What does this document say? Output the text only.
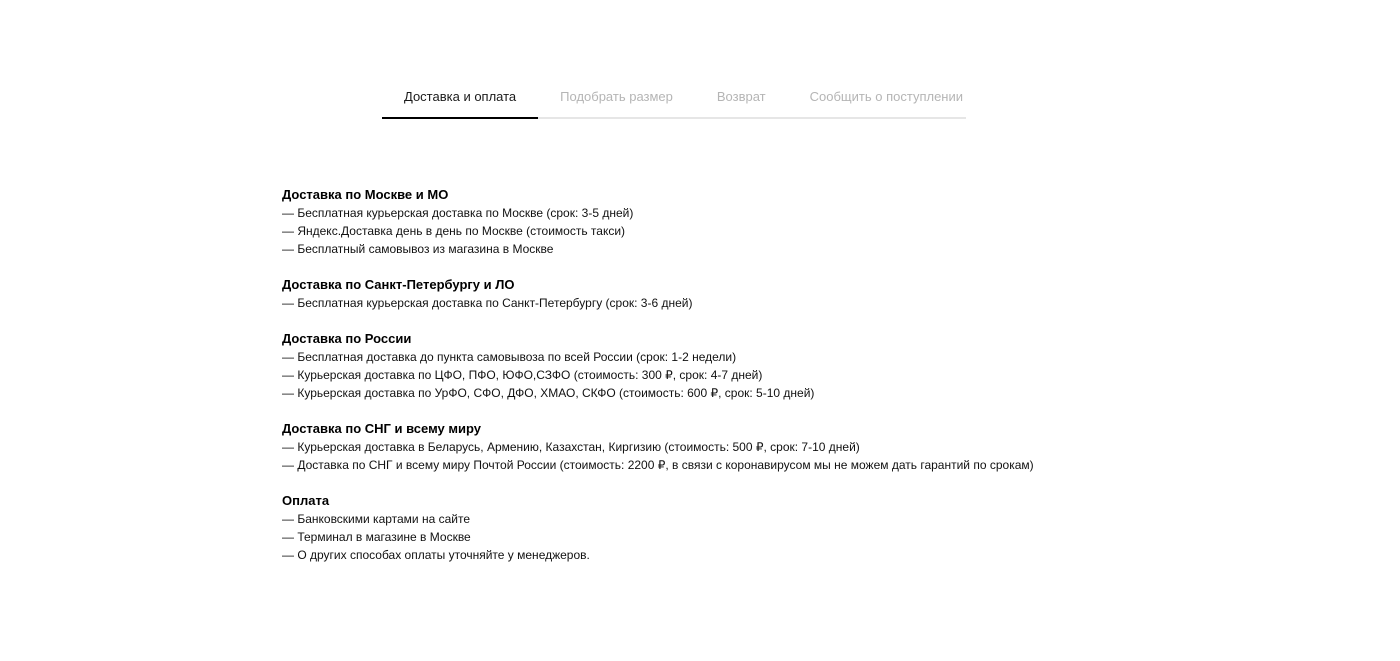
Доставка и оплата	Подобрать размер	Возврат	Сообщить о поступлении

Доставка по Москве и МО

— Бесплатная курьерская доставка по Москве (срок: 3-5 дней)

— Яндекс.Доставка день в день по Москве (стоимость такси)

— Бесплатный самовывоз из магазина в Москве

Доставка по Санкт-Петербургу и ЛО

— Бесплатная курьерская доставка по Санкт-Петербургу (срок: 3-6 дней)

Доставка по России

— Бесплатная доставка до пункта самовывоза по всей России (срок: 1-2 недели)

— Курьерская доставка по ЦФО, ПФО, ЮФО,СЗФО (стоимость: 300 ₽, срок: 4-7 дней)

— Курьерская доставка по УрФО, СФО, ДФО, ХМАО, СКФО (стоимость: 600 ₽, срок: 5-10 дней)

Доставка по СНГ и всему миру

— Курьерская доставка в Беларусь, Армению, Казахстан, Киргизию (стоимость: 500 ₽, срок: 7-10 дней)

— Доставка по СНГ и всему миру Почтой России (стоимость: 2200 ₽, в связи с коронавирусом мы не можем дать гарантий по срокам)

Оплата

— Банковскими картами на сайте

— Терминал в магазине в Москве

— О других способах оплаты уточняйте у менеджеров.
